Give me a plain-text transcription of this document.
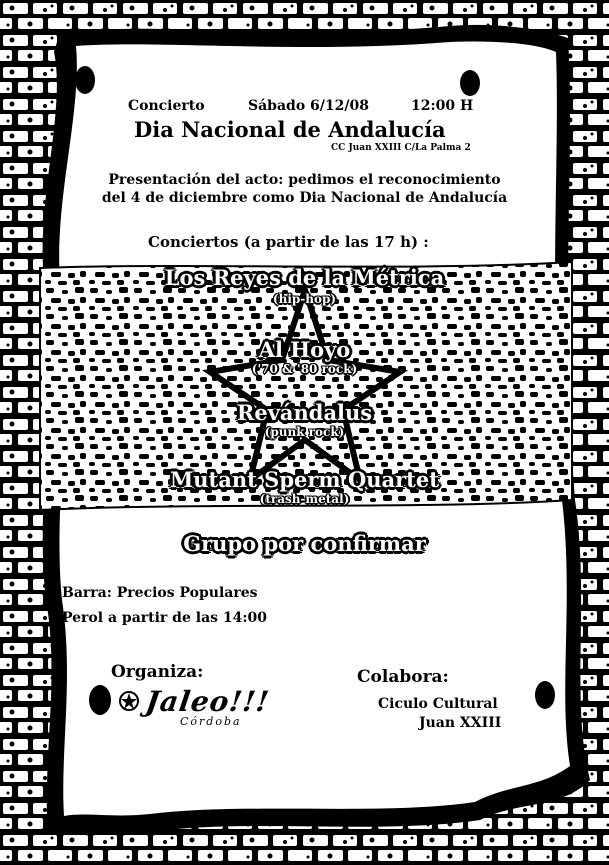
Concierto	Sábado 6/12/08	12:00 H
Dia Nacional de Andalucía
CC Juan XXIII C/La Palma 2
Presentación del acto: pedimos el reconocimiento
del 4 de diciembre como Dia Nacional de Andalucía
Conciertos (a partir de las 17 h) :
Los Reyes de la Métrica
(hip-hop)
Al Hoyo
('70 & '80 rock)
Revándalus
(punk rock)
Mutant Sperm Quartet
(trash-metal)
Grupo por confirmar
Barra: Precios Populares
Perol a partir de las 14:00
Organiza:
Jaleo!!!
Córdoba
Colabora:
Ciculo Cultural
Juan XXIII
